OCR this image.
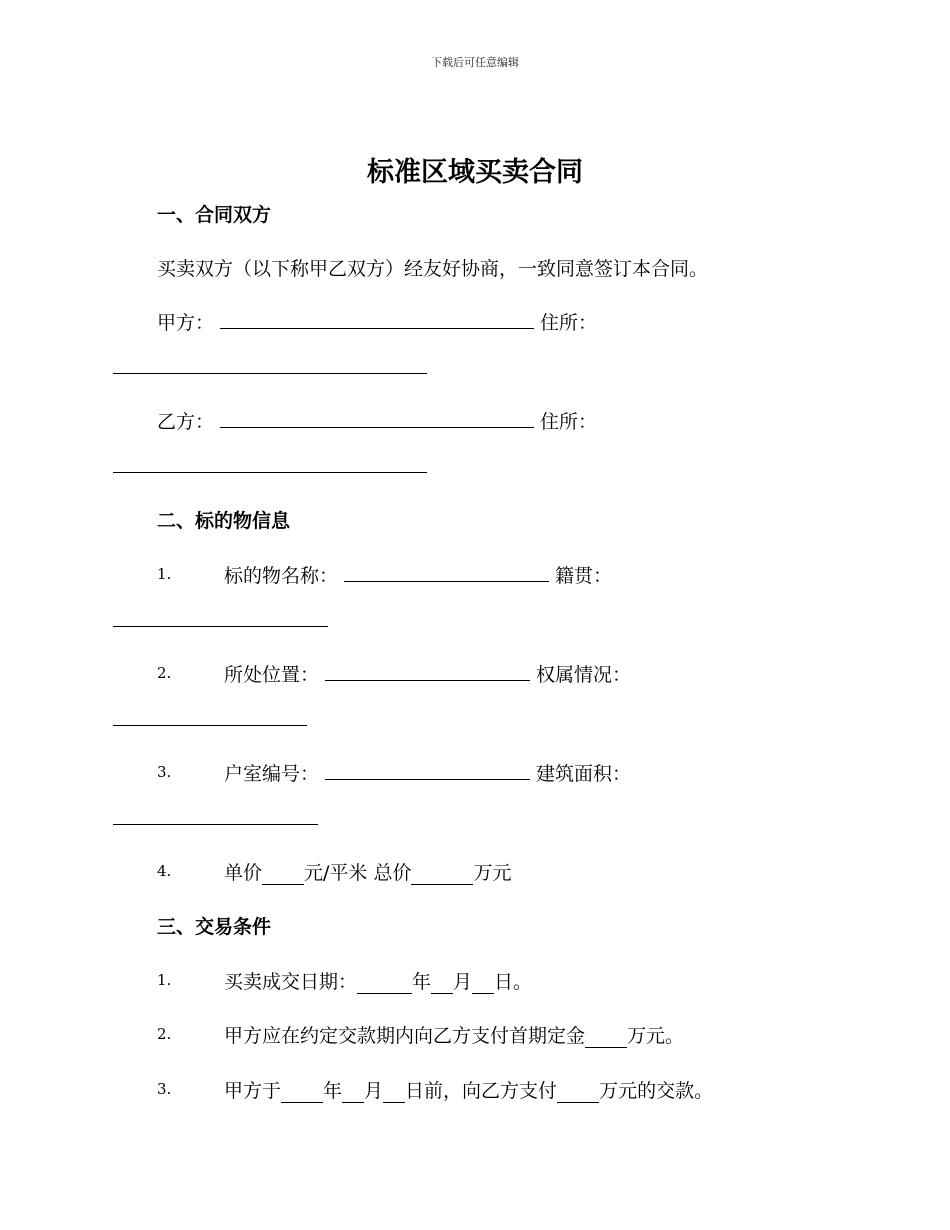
下载后可任意编辑
标准区域买卖合同
一、合同双方
买卖双方（以下称甲乙双方）经友好协商，一致同意签订本合同。
甲方：	住所：
乙方：	住所：
二、标的物信息
1.	标的物名称：	籍贯：
2.	所处位置：	权属情况：
3.	户室编号：	建筑面积：
4.	单价 元/平米 总价	万元
三、交易条件
1.	买卖成交日期：	年 月 日。
2.	甲方应在约定交款期内向乙方支付首期定金 万元。
3.	甲方于 年 月 日前，向乙方支付 万元的交款。
